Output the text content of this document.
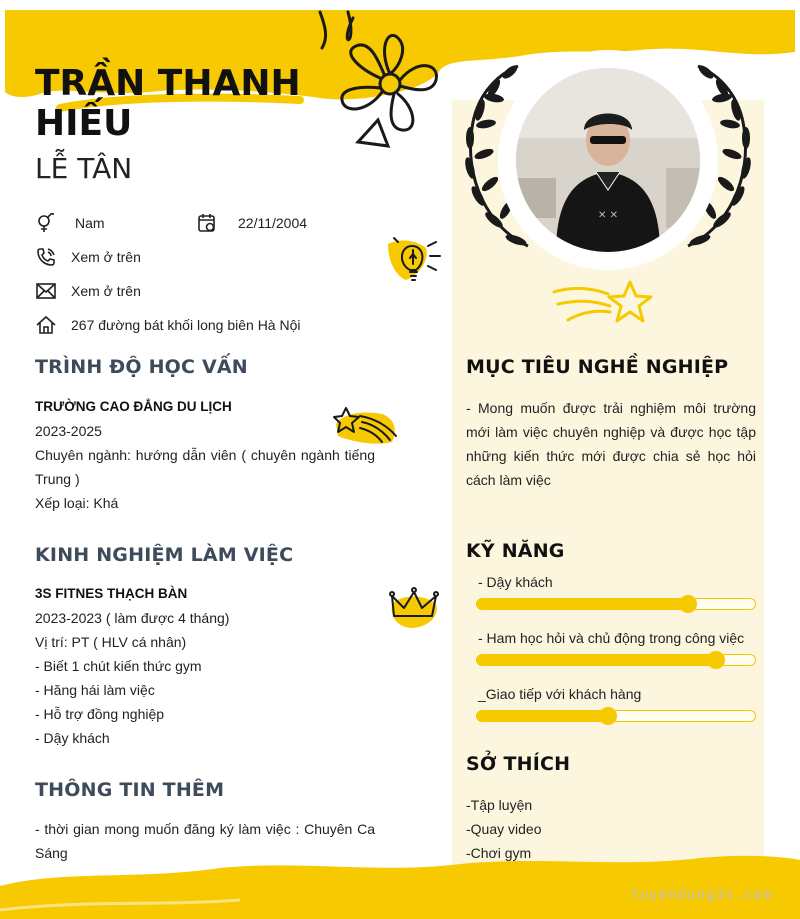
TRẦN THANH HIẾU
LỄ TÂN
Nam	22/11/2004
Xem ở trên
Xem ở trên
267 đường bát khối long biên Hà Nội
TRÌNH ĐỘ HỌC VẤN
TRƯỜNG CAO ĐẲNG DU LỊCH
2023-2025
Chuyên ngành: hướng dẫn viên ( chuyên ngành tiếng Trung )
Xếp loại: Khá
KINH NGHIỆM LÀM VIỆC
3S FITNES THẠCH BÀN
2023-2023 ( làm được 4 tháng)
Vị trí: PT ( HLV cá nhân)
- Biết 1 chút kiến thức gym
- Hăng hái làm việc
- Hỗ trợ đồng nghiệp
- Dậy khách
THÔNG TIN THÊM
- thời gian mong muốn đăng ký làm việc : Chuyên Ca Sáng
✕ ✕
MỤC TIÊU NGHỀ NGHIỆP
- Mong muốn được trải nghiệm môi trường mới làm việc chuyên nghiệp và được học tập những kiến thức mới được chia sẻ học hỏi cách làm việc
KỸ NĂNG
- Dậy khách
- Ham học hỏi và chủ động trong công việc
_Giao tiếp với khách hàng
SỞ THÍCH
-Tập luyện
-Quay video
-Chơi gym
tuyendung3s.com
